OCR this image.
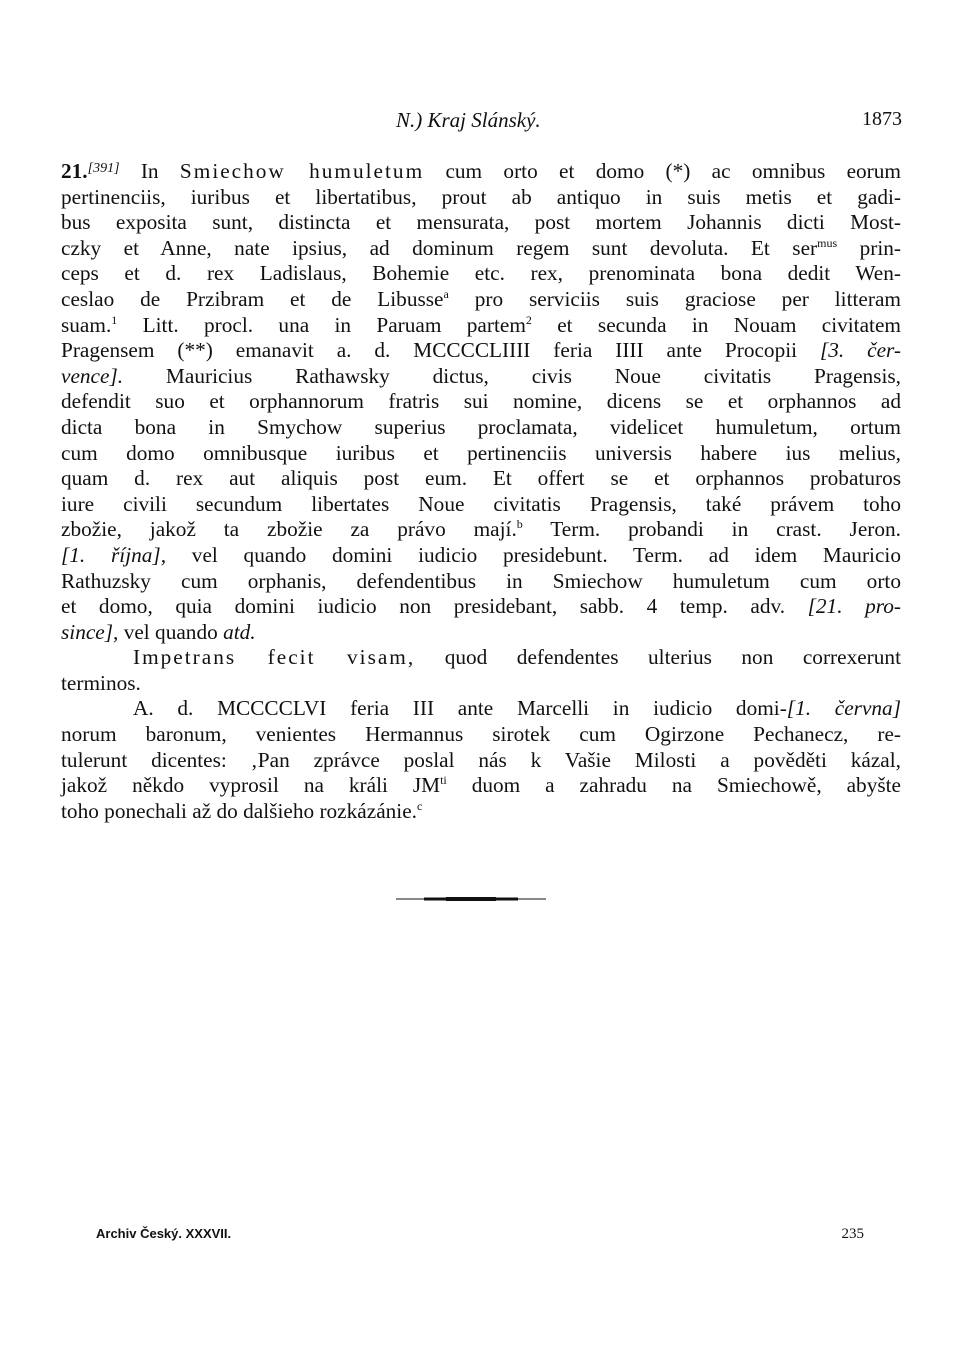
N.) Kraj Slánský.	1873
21.[391] In Smiechow humuletum cum orto et domo (*) ac omnibus eorum
pertinenciis, iuribus et libertatibus, prout ab antiquo in suis metis et gadi-
bus exposita sunt, distincta et mensurata, post mortem Johannis dicti Most-
czky et Anne, nate ipsius, ad dominum regem sunt devoluta. Et ser$^{mus}$ prin-
ceps et d. rex Ladislaus, Bohemie etc. rex, prenominata bona dedit Wen-
ceslao de Przibram et de Libusse$^a$ pro serviciis suis graciose per litteram
suam.$^1$ Litt. procl. una in Paruam partem$^2$ et secunda in Nouam civitatem
Pragensem (**) emanavit a. d. MCCCCLIIII feria IIII ante Procopii [3. čer-
vence]. Mauricius Rathawsky dictus, civis Noue civitatis Pragensis,
defendit suo et orphannorum fratris sui nomine, dicens se et orphannos ad
dicta bona in Smychow superius proclamata, videlicet humuletum, ortum
cum domo omnibusque iuribus et pertinenciis universis habere ius melius,
quam d. rex aut aliquis post eum. Et offert se et orphannos probaturos
iure civili secundum libertates Noue civitatis Pragensis, také právem toho
zbožie, jakož ta zbožie za právo mají.$^b$ Term. probandi in crast. Jeron.
[1. října], vel quando domini iudicio presidebunt. Term. ad idem Mauricio
Rathuzsky cum orphanis, defendentibus in Smiechow humuletum cum orto
et domo, quia domini iudicio non presidebant, sabb. 4 temp. adv. [21. pro-
since], vel quando atd.
Impetrans fecit visam, quod defendentes ulterius non correxerunt
terminos.
A. d. MCCCCLVI feria III ante Marcelli in iudicio domi-[1. června]
norum baronum, venientes Hermannus sirotek cum Ogirzone Pechanecz, re-
tulerunt dicentes: ‚Pan zprávce poslal nás k Vašie Milosti a pověděti kázal,
jakož někdo vyprosil na králi $JM^{ti}$ duom a zahradu na Smiechowě, abyšte
toho ponechali až do dalšieho rozkázánie.$^c$
Archiv Český. XXXVII.	235
